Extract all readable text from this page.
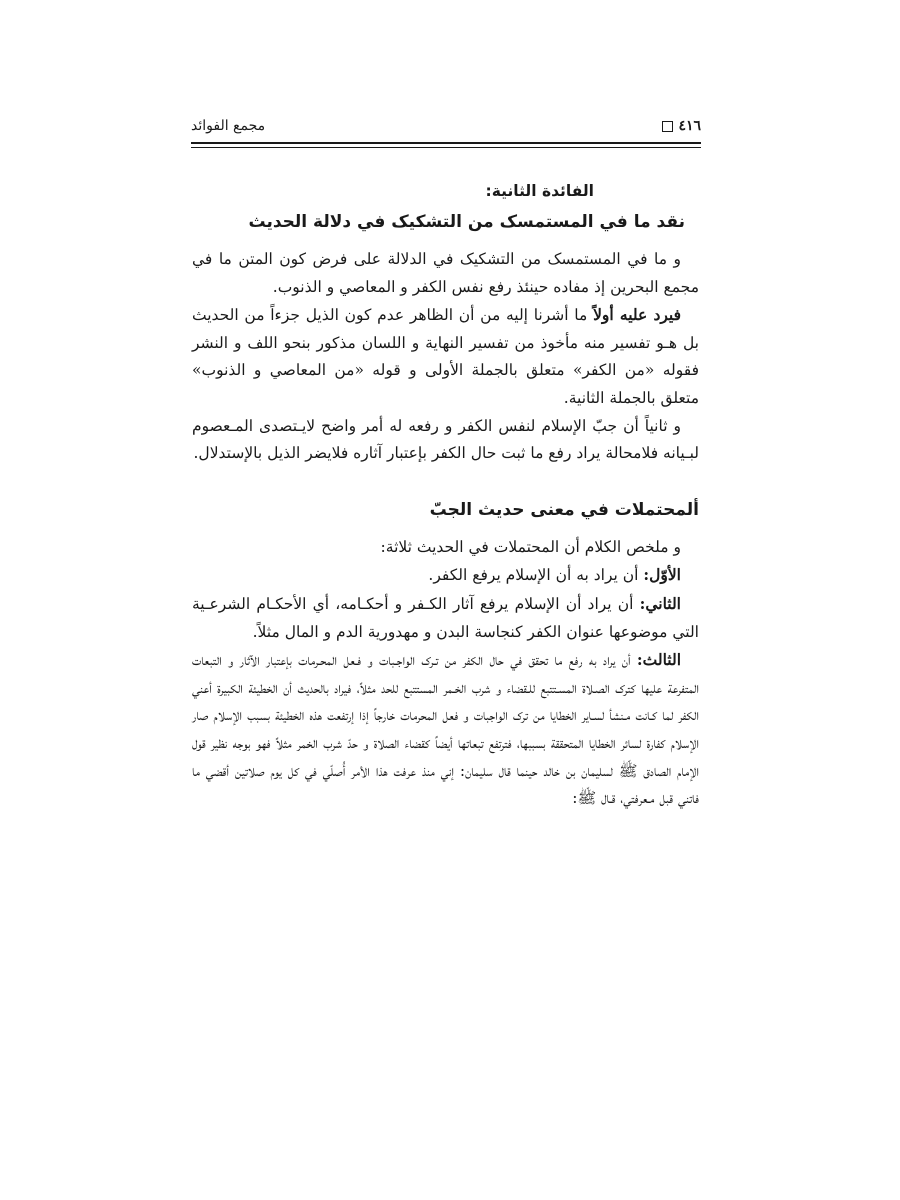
٤١٦
مجمع الفوائد
الفائدة الثانية:
نقد ما في المستمسک من التشکيک في دلالة الحديث

و ما في المستمسک من التشکيک في الدلالة على فرض کون المتن ما في مجمع البحرين إذ مفاده حينئذ رفع نفس الکفر و المعاصي و الذنوب.

فيرد عليه أولاً ما أشرنا إليه من أن الظاهر عدم کون الذيل جزءاً من الحديث بل هـو تفسير منه مأخوذ من تفسير النهاية و اللسان مذکور بنحو اللف و النشر فقوله «من الکفر» متعلق بالجملة الأولى و قوله «من المعاصي و الذنوب» متعلق بالجملة الثانية.

و ثانياً أن جبّ الإسلام لنفس الکفر و رفعه له أمر واضح لايـتصدى المـعصوم لبـيانه فلامحالة يراد رفع ما ثبت حال الکفر بإعتبار آثاره فلايضر الذيل بالإستدلال.

ألمحتملات في معنى حديث الجبّ

و ملخص الکلام أن المحتملات في الحديث ثلاثة:

الأوّل: أن يراد به أن الإسلام يرفع الکفر.

الثاني: أن يراد أن الإسلام يرفع آثار الکـفر و أحکـامه، أي الأحکـام الشرعـية التي موضوعها عنوان الکفر کنجاسة البدن و مهدورية الدم و المال مثلاً.

الثالث: أن يراد به رفع ما تحقق في حال الکفر من تـرک الواجـبات و فـعل المحـرمات بإعتبار الآثار و التبعات المتفرعة عليها کترک الصـلاة المسـتتبع للـقضاء و شرب الخـمر المستتبع للحد مثلاً، فيراد بالحديث أن الخطيئة الکبيرة أعني الکفر لما کـانت مـنشأ لسـاير الخطايا من ترک الواجبات و فعل المحرمات خارجاً إذا إرتفعت هذه الخطيئة بسبب الإسلام صار الإسلام کفارة لسائر الخطايا المتحققة بسببها، فترتفع تبعاتها أيضاً کقضاء الصلاة و حدّ شرب الخمر مثلاً فهو بوجه نظير قول الإمام الصادق ﷺ لسليمان بن خالد حينما قال سليمان: إني منذ عرفت هذا الأمر أُصلّي في کل يوم صلاتين أقضي ما فاتني قبل مـعرفتي، قـال ﷺ:
